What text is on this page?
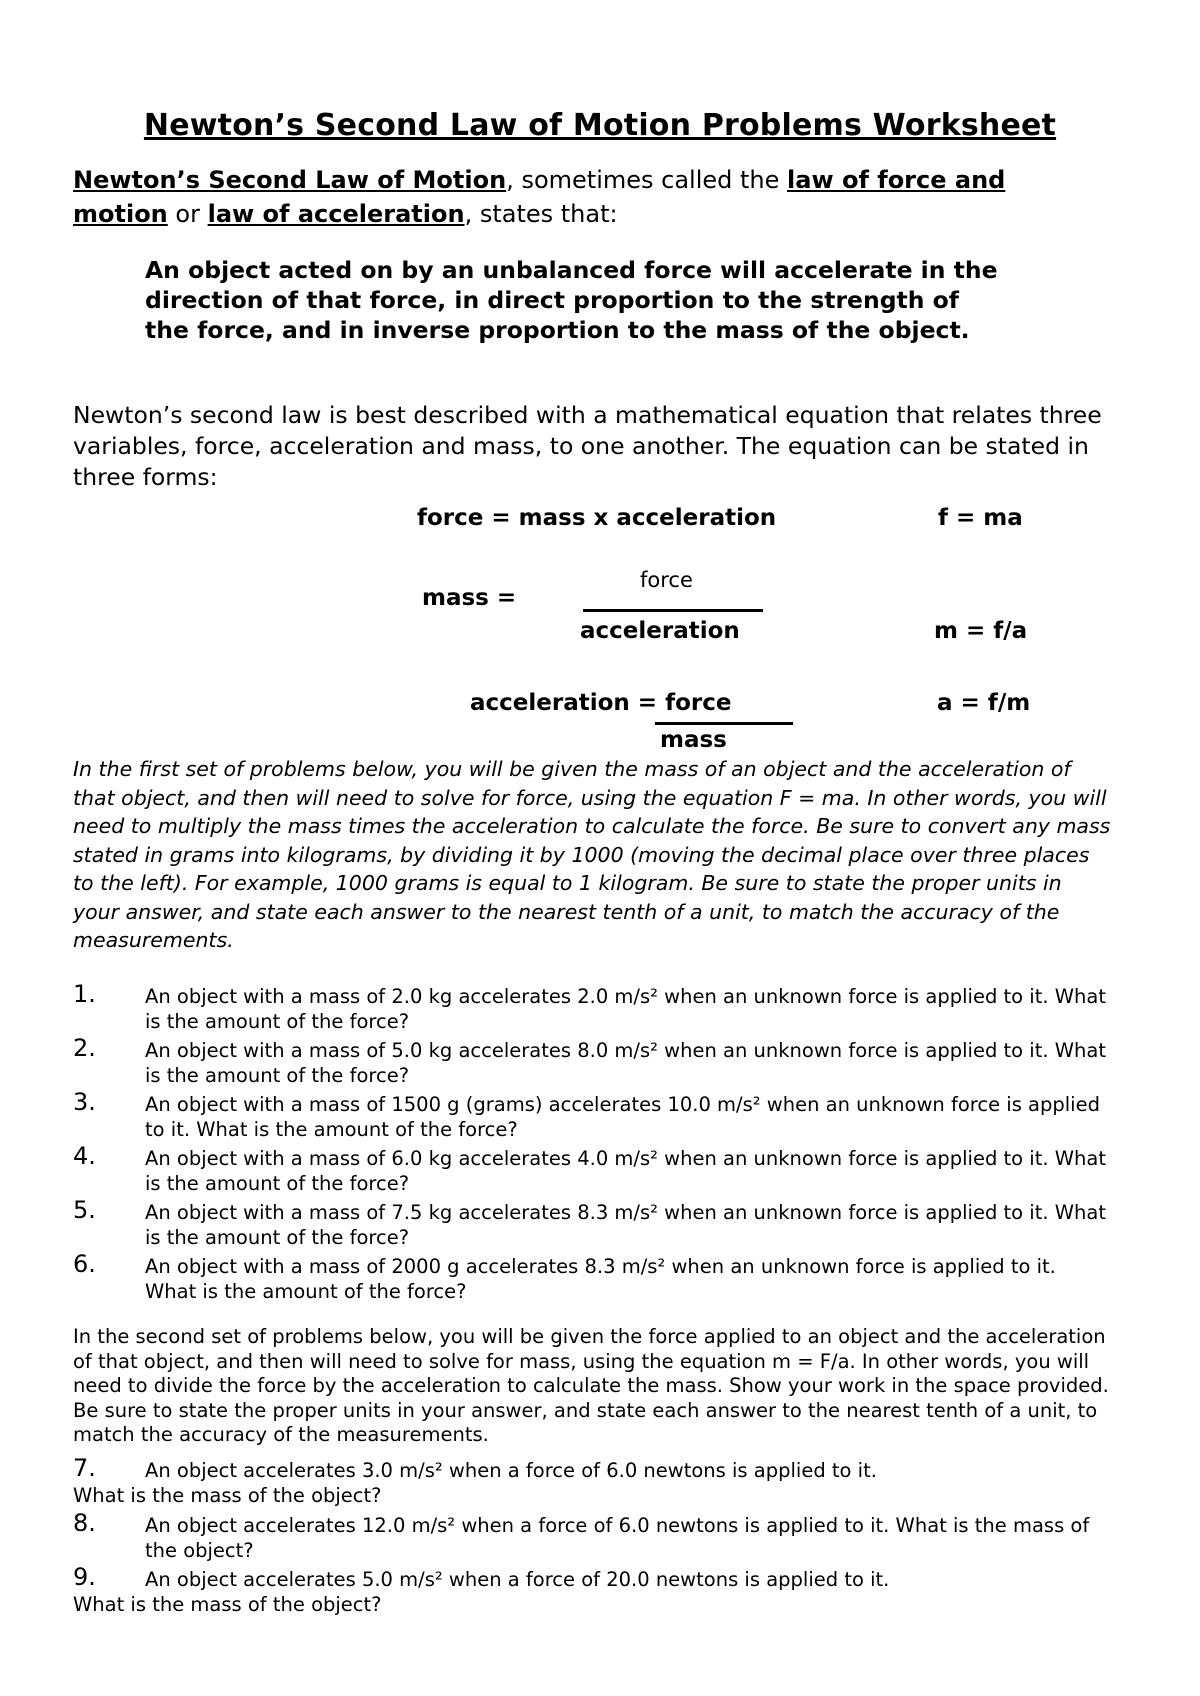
Newton’s Second Law of Motion Problems Worksheet
Newton’s Second Law of Motion, sometimes called the law of force and motion or law of acceleration, states that:
An object acted on by an unbalanced force will accelerate in the direction of that force, in direct proportion to the strength of the force, and in inverse proportion to the mass of the object.
Newton’s second law is best described with a mathematical equation that relates three variables, force, acceleration and mass, to one another. The equation can be stated in three forms:
force = mass x acceleration	f = ma
mass =
force
acceleration	m = f/a
acceleration = force	a = f/m
mass
In the first set of problems below, you will be given the mass of an object and the acceleration of that object, and then will need to solve for force, using the equation F = ma. In other words, you will need to multiply the mass times the acceleration to calculate the force. Be sure to convert any mass stated in grams into kilograms, by dividing it by 1000 (moving the decimal place over three places to the left). For example, 1000 grams is equal to 1 kilogram. Be sure to state the proper units in your answer, and state each answer to the nearest tenth of a unit, to match the accuracy of the measurements.
1.	An object with a mass of 2.0 kg accelerates 2.0 m/s² when an unknown force is applied to it. What is the amount of the force?
2.	An object with a mass of 5.0 kg accelerates 8.0 m/s² when an unknown force is applied to it. What is the amount of the force?
3.	An object with a mass of 1500 g (grams) accelerates 10.0 m/s² when an unknown force is applied to it. What is the amount of the force?
4.	An object with a mass of 6.0 kg accelerates 4.0 m/s² when an unknown force is applied to it. What is the amount of the force?
5.	An object with a mass of 7.5 kg accelerates 8.3 m/s² when an unknown force is applied to it. What is the amount of the force?
6.	An object with a mass of 2000 g accelerates 8.3 m/s² when an unknown force is applied to it. What is the amount of the force?
In the second set of problems below, you will be given the force applied to an object and the acceleration of that object, and then will need to solve for mass, using the equation m = F/a. In other words, you will need to divide the force by the acceleration to calculate the mass. Show your work in the space provided. Be sure to state the proper units in your answer, and state each answer to the nearest tenth of a unit, to match the accuracy of the measurements.
7.	An object accelerates 3.0 m/s² when a force of 6.0 newtons is applied to it.
What is the mass of the object?
8.	An object accelerates 12.0 m/s² when a force of 6.0 newtons is applied to it. What is the mass of the object?
9.	An object accelerates 5.0 m/s² when a force of 20.0 newtons is applied to it.
What is the mass of the object?
